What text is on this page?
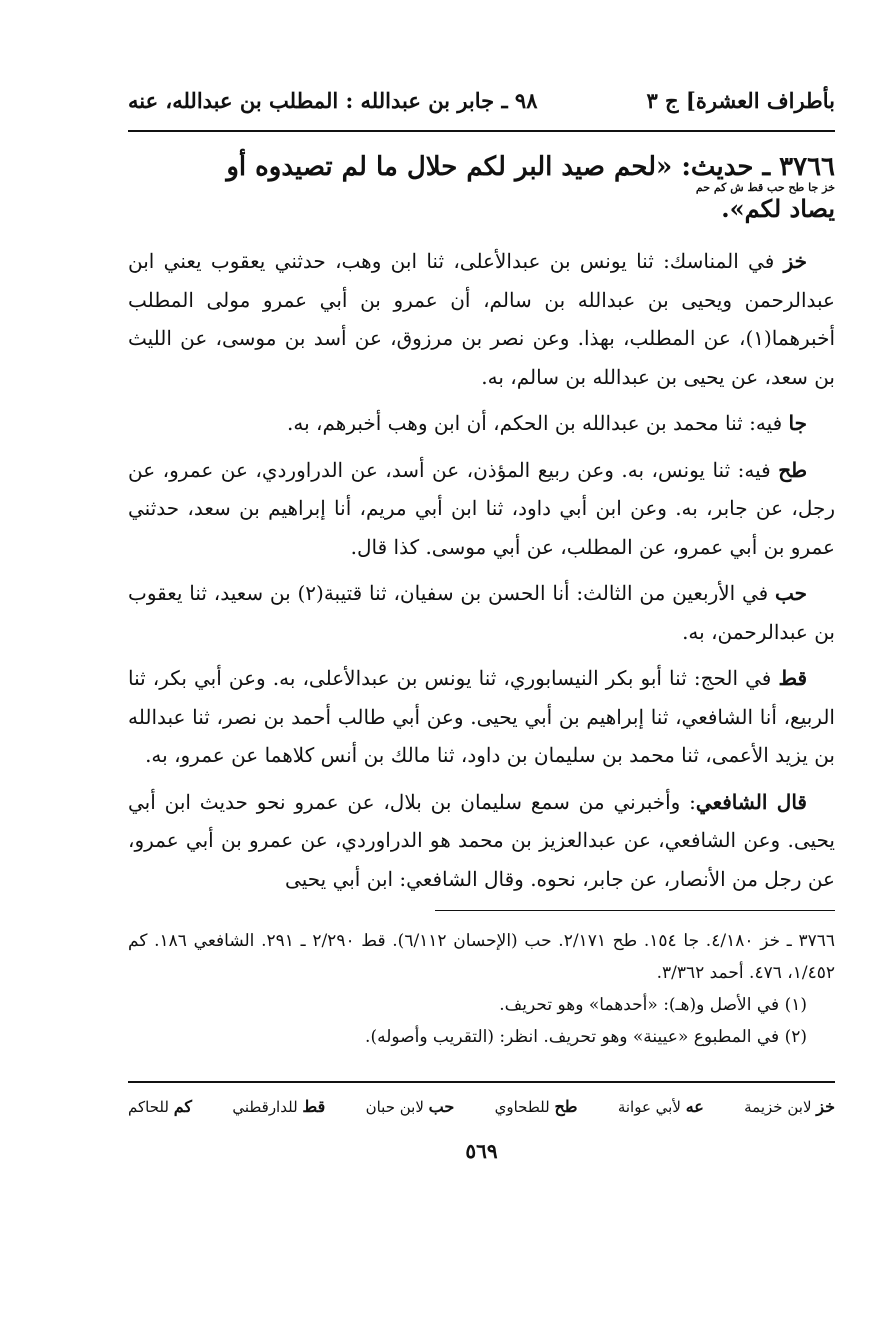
بأطراف العشرة] ج ٣
٩٨ ـ جابر بن عبدالله : المطلب بن عبدالله، عنه
٣٧٦٦ ـ حديث: «لحم صيد البر لكم حلال ما لم تصيدوه أو
خز جا طح حب قط ش كم حم
يصاد لكم».

خز في المناسك: ثنا يونس بن عبدالأعلى، ثنا ابن وهب، حدثني يعقوب يعني ابن عبدالرحمن ويحيى بن عبدالله بن سالم، أن عمرو بن أبي عمرو مولى المطلب أخبرهما(١)، عن المطلب، بهذا. وعن نصر بن مرزوق، عن أسد بن موسى، عن الليث بن سعد، عن يحيى بن عبدالله بن سالم، به.

جا فيه: ثنا محمد بن عبدالله بن الحكم، أن ابن وهب أخبرهم، به.

طح فيه: ثنا يونس، به. وعن ربيع المؤذن، عن أسد، عن الدراوردي، عن عمرو، عن رجل، عن جابر، به. وعن ابن أبي داود، ثنا ابن أبي مريم، أنا إبراهيم بن سعد، حدثني عمرو بن أبي عمرو، عن المطلب، عن أبي موسى. كذا قال.

حب في الأربعين من الثالث: أنا الحسن بن سفيان، ثنا قتيبة(٢) بن سعيد، ثنا يعقوب بن عبدالرحمن، به.

قط في الحج: ثنا أبو بكر النيسابوري، ثنا يونس بن عبدالأعلى، به. وعن أبي بكر، ثنا الربيع، أنا الشافعي، ثنا إبراهيم بن أبي يحيى. وعن أبي طالب أحمد بن نصر، ثنا عبدالله بن يزيد الأعمى، ثنا محمد بن سليمان بن داود، ثنا مالك بن أنس كلاهما عن عمرو، به.

قال الشافعي: وأخبرني من سمع سليمان بن بلال، عن عمرو نحو حديث ابن أبي يحيى. وعن الشافعي، عن عبدالعزيز بن محمد هو الدراوردي، عن عمرو بن أبي عمرو، عن رجل من الأنصار، عن جابر، نحوه. وقال الشافعي: ابن أبي يحيى

٣٧٦٦ ـ خز ٤/١٨٠. جا ١٥٤. طح ٢/١٧١. حب (الإحسان ٦/١١٢). قط ٢/٢٩٠ ـ ٢٩١. الشافعي ١٨٦. كم ١/٤٥٢، ٤٧٦. أحمد ٣/٣٦٢.
(١) في الأصل و(هـ): «أحدهما» وهو تحريف.
(٢) في المطبوع «عيينة» وهو تحريف. انظر: (التقريب وأصوله).
خز لابن خزيمة
عه لأبي عوانة
طح للطحاوي
حب لابن حبان
قط للدارقطني
كم للحاكم
٥٦٩
